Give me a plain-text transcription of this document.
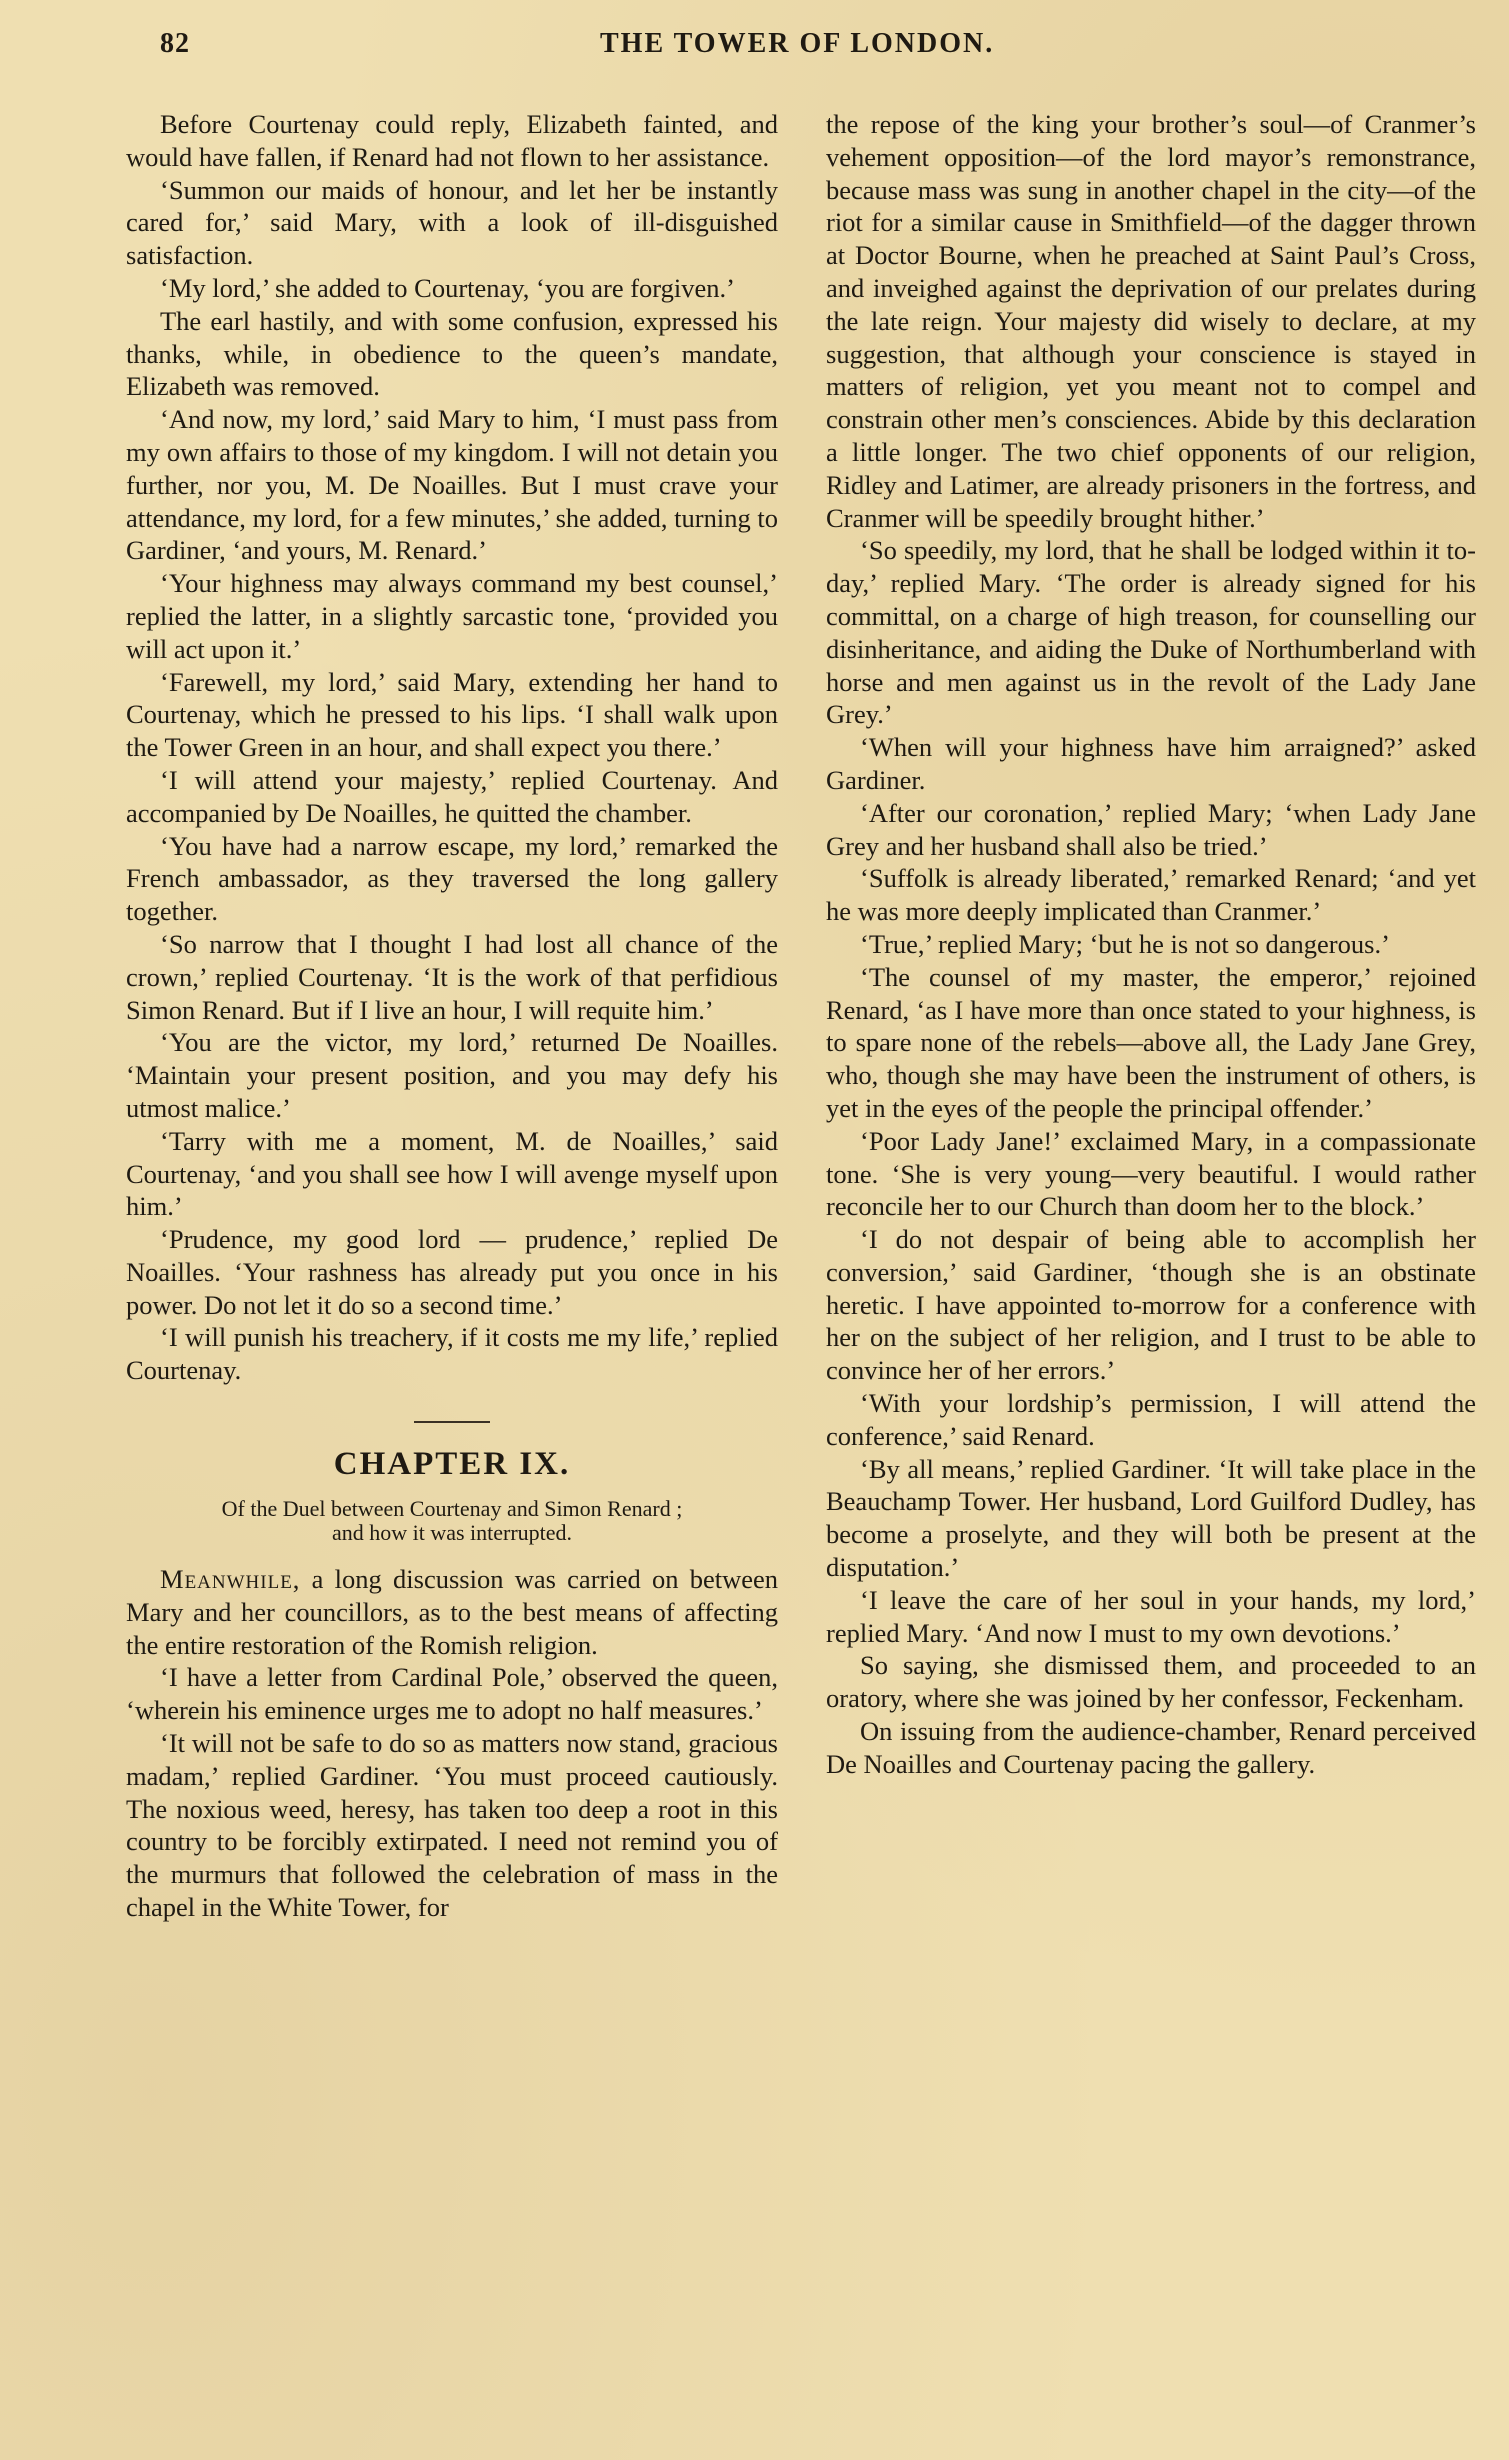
82	THE TOWER OF LONDON.

Before Courtenay could reply, Elizabeth fainted, and would have fallen, if Renard had not flown to her assistance.

‘Summon our maids of honour, and let her be instantly cared for,’ said Mary, with a look of ill-disguished satisfaction.

‘My lord,’ she added to Courtenay, ‘you are forgiven.’

The earl hastily, and with some confusion, expressed his thanks, while, in obedience to the queen’s mandate, Elizabeth was removed.

‘And now, my lord,’ said Mary to him, ‘I must pass from my own affairs to those of my kingdom. I will not detain you further, nor you, M. De Noailles. But I must crave your attendance, my lord, for a few minutes,’ she added, turning to Gardiner, ‘and yours, M. Renard.’

‘Your highness may always command my best counsel,’ replied the latter, in a slightly sarcastic tone, ‘provided you will act upon it.’

‘Farewell, my lord,’ said Mary, extending her hand to Courtenay, which he pressed to his lips. ‘I shall walk upon the Tower Green in an hour, and shall expect you there.’

‘I will attend your majesty,’ replied Courtenay. And accompanied by De Noailles, he quitted the chamber.

‘You have had a narrow escape, my lord,’ remarked the French ambassador, as they traversed the long gallery together.

‘So narrow that I thought I had lost all chance of the crown,’ replied Courtenay. ‘It is the work of that perfidious Simon Renard. But if I live an hour, I will requite him.’

‘You are the victor, my lord,’ returned De Noailles. ‘Maintain your present position, and you may defy his utmost malice.’

‘Tarry with me a moment, M. de Noailles,’ said Courtenay, ‘and you shall see how I will avenge myself upon him.’

‘Prudence, my good lord — prudence,’ replied De Noailles. ‘Your rashness has already put you once in his power. Do not let it do so a second time.’

‘I will punish his treachery, if it costs me my life,’ replied Courtenay.

CHAPTER IX.
Of the Duel between Courtenay and Simon Renard ;
and how it was interrupted.

Meanwhile, a long discussion was carried on between Mary and her councillors, as to the best means of affecting the entire restoration of the Romish religion.

‘I have a letter from Cardinal Pole,’ observed the queen, ‘wherein his eminence urges me to adopt no half measures.’

‘It will not be safe to do so as matters now stand, gracious madam,’ replied Gardiner. ‘You must proceed cautiously. The noxious weed, heresy, has taken too deep a root in this country to be forcibly extirpated. I need not remind you of the murmurs that followed the celebration of mass in the chapel in the White Tower, for

the repose of the king your brother’s soul—of Cranmer’s vehement opposition—of the lord mayor’s remonstrance, because mass was sung in another chapel in the city—of the riot for a similar cause in Smithfield—of the dagger thrown at Doctor Bourne, when he preached at Saint Paul’s Cross, and inveighed against the deprivation of our prelates during the late reign. Your majesty did wisely to declare, at my suggestion, that although your conscience is stayed in matters of religion, yet you meant not to compel and constrain other men’s consciences. Abide by this declaration a little longer. The two chief opponents of our religion, Ridley and Latimer, are already prisoners in the fortress, and Cranmer will be speedily brought hither.’

‘So speedily, my lord, that he shall be lodged within it to-day,’ replied Mary. ‘The order is already signed for his committal, on a charge of high treason, for counselling our disinheritance, and aiding the Duke of Northumberland with horse and men against us in the revolt of the Lady Jane Grey.’

‘When will your highness have him arraigned?’ asked Gardiner.

‘After our coronation,’ replied Mary; ‘when Lady Jane Grey and her husband shall also be tried.’

‘Suffolk is already liberated,’ remarked Renard; ‘and yet he was more deeply implicated than Cranmer.’

‘True,’ replied Mary; ‘but he is not so dangerous.’

‘The counsel of my master, the emperor,’ rejoined Renard, ‘as I have more than once stated to your highness, is to spare none of the rebels—above all, the Lady Jane Grey, who, though she may have been the instrument of others, is yet in the eyes of the people the principal offender.’

‘Poor Lady Jane!’ exclaimed Mary, in a compassionate tone. ‘She is very young—very beautiful. I would rather reconcile her to our Church than doom her to the block.’

‘I do not despair of being able to accomplish her conversion,’ said Gardiner, ‘though she is an obstinate heretic. I have appointed to-morrow for a conference with her on the subject of her religion, and I trust to be able to convince her of her errors.’

‘With your lordship’s permission, I will attend the conference,’ said Renard.

‘By all means,’ replied Gardiner. ‘It will take place in the Beauchamp Tower. Her husband, Lord Guilford Dudley, has become a proselyte, and they will both be present at the disputation.’

‘I leave the care of her soul in your hands, my lord,’ replied Mary. ‘And now I must to my own devotions.’

So saying, she dismissed them, and proceeded to an oratory, where she was joined by her confessor, Feckenham.

On issuing from the audience-chamber, Renard perceived De Noailles and Courtenay pacing the gallery.
